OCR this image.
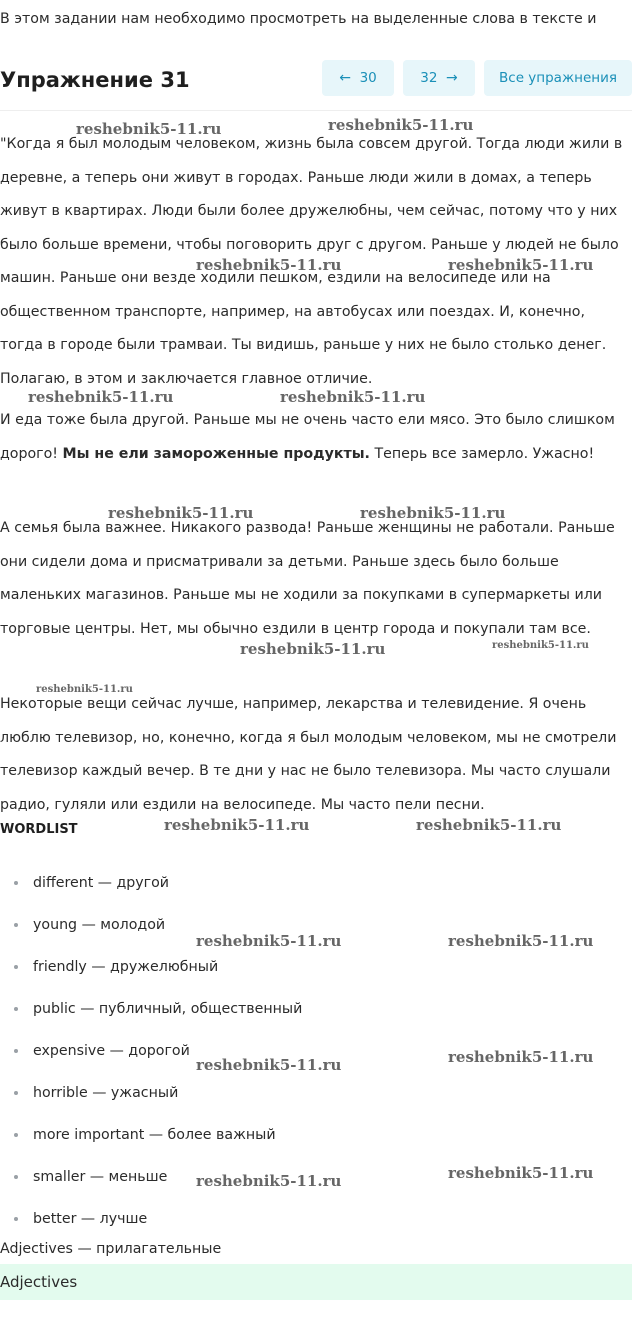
В этом задании нам необходимо просмотреть на выделенные слова в тексте и
Упражнение 31	← 30	32 →	Все упражнения
"Когда я был молодым человеком, жизнь была совсем другой. Тогда люди жили в деревне, а теперь они живут в городах. Раньше люди жили в домах, а теперь живут в квартирах. Люди были более дружелюбны, чем сейчас, потому что у них было больше времени, чтобы поговорить друг с другом. Раньше у людей не было машин. Раньше они везде ходили пешком, ездили на велосипеде или на общественном транспорте, например, на автобусах или поездах. И, конечно, тогда в городе были трамваи. Ты видишь, раньше у них не было столько денег. Полагаю, в этом и заключается главное отличие.
И еда тоже была другой. Раньше мы не очень часто ели мясо. Это было слишком дорого! Мы не ели замороженные продукты. Теперь все замерло. Ужасно!
А семья была важнее. Никакого развода! Раньше женщины не работали. Раньше они сидели дома и присматривали за детьми. Раньше здесь было больше маленьких магазинов. Раньше мы не ходили за покупками в супермаркеты или торговые центры. Нет, мы обычно ездили в центр города и покупали там все.
Некоторые вещи сейчас лучше, например, лекарства и телевидение. Я очень люблю телевизор, но, конечно, когда я был молодым человеком, мы не смотрели телевизор каждый вечер. В те дни у нас не было телевизора. Мы часто слушали радио, гуляли или ездили на велосипеде. Мы часто пели песни.
WORDLIST
different — другой
young — молодой
friendly — дружелюбный
public — публичный, общественный
expensive — дорогой
horrible — ужасный
more important — более важный
smaller — меньше
better — лучше
Adjectives — прилагательные
Adjectives
reshebnik5-11.ru	reshebnik5-11.ru
reshebnik5-11.ru	reshebnik5-11.ru
reshebnik5-11.ru	reshebnik5-11.ru
reshebnik5-11.ru	reshebnik5-11.ru
reshebnik5-11.ru	reshebnik5-11.ru
reshebnik5-11.ru
reshebnik5-11.ru	reshebnik5-11.ru
reshebnik5-11.ru	reshebnik5-11.ru
reshebnik5-11.ru	reshebnik5-11.ru
reshebnik5-11.ru	reshebnik5-11.ru
